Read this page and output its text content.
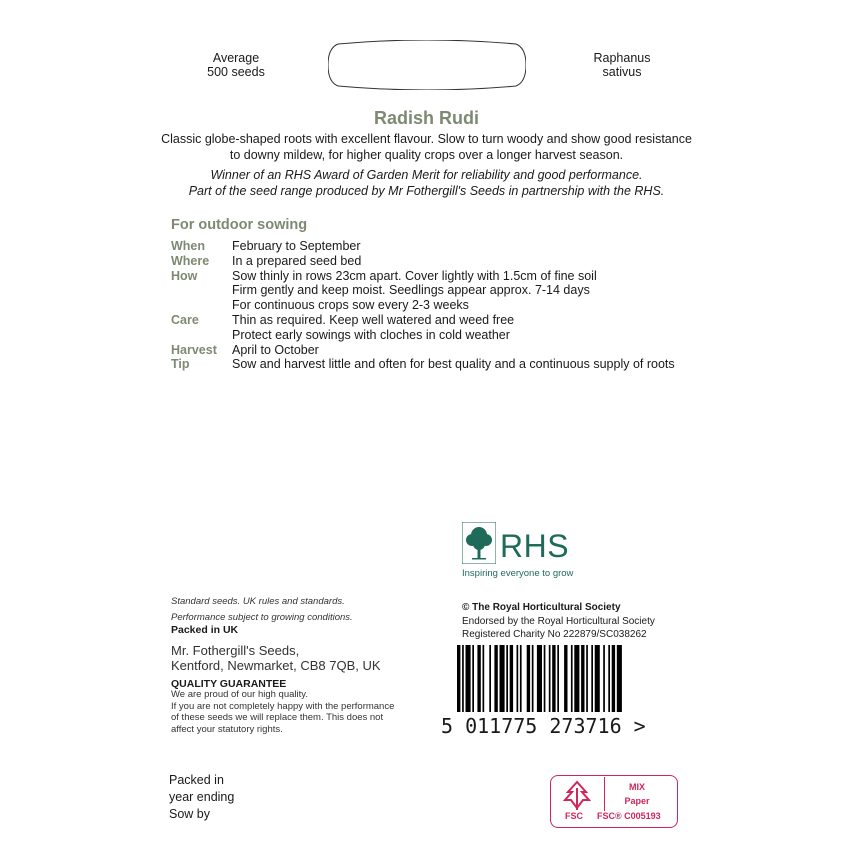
Average
500 seeds
Raphanus
sativus
Radish Rudi
Classic globe-shaped roots with excellent flavour. Slow to turn woody and show good resistance to downy mildew, for higher quality crops over a longer harvest season.
Winner of an RHS Award of Garden Merit for reliability and good performance.
Part of the seed range produced by Mr Fothergill's Seeds in partnership with the RHS.
For outdoor sowing
When	February to September
Where	In a prepared seed bed
How	Sow thinly in rows 23cm apart. Cover lightly with 1.5cm of fine soil
Firm gently and keep moist. Seedlings appear approx. 7-14 days
For continuous crops sow every 2-3 weeks
Care	Thin as required. Keep well watered and weed free
Protect early sowings with cloches in cold weather
Harvest	April to October
Tip	Sow and harvest little and often for best quality and a continuous supply of roots
RHS
Inspiring everyone to grow
Standard seeds. UK rules and standards.
Performance subject to growing conditions.
Packed in UK
Mr. Fothergill's Seeds,
Kentford, Newmarket, CB8 7QB, UK
QUALITY GUARANTEE
We are proud of our high quality.
If you are not completely happy with the performance
of these seeds we will replace them. This does not
affect your statutory rights.
© The Royal Horticultural Society
Endorsed by the Royal Horticultural Society
Registered Charity No 222879/SC038262
5 011775 273716 >
Packed in
year ending
Sow by	FSC
MIX
Paper
FSC® C005193
